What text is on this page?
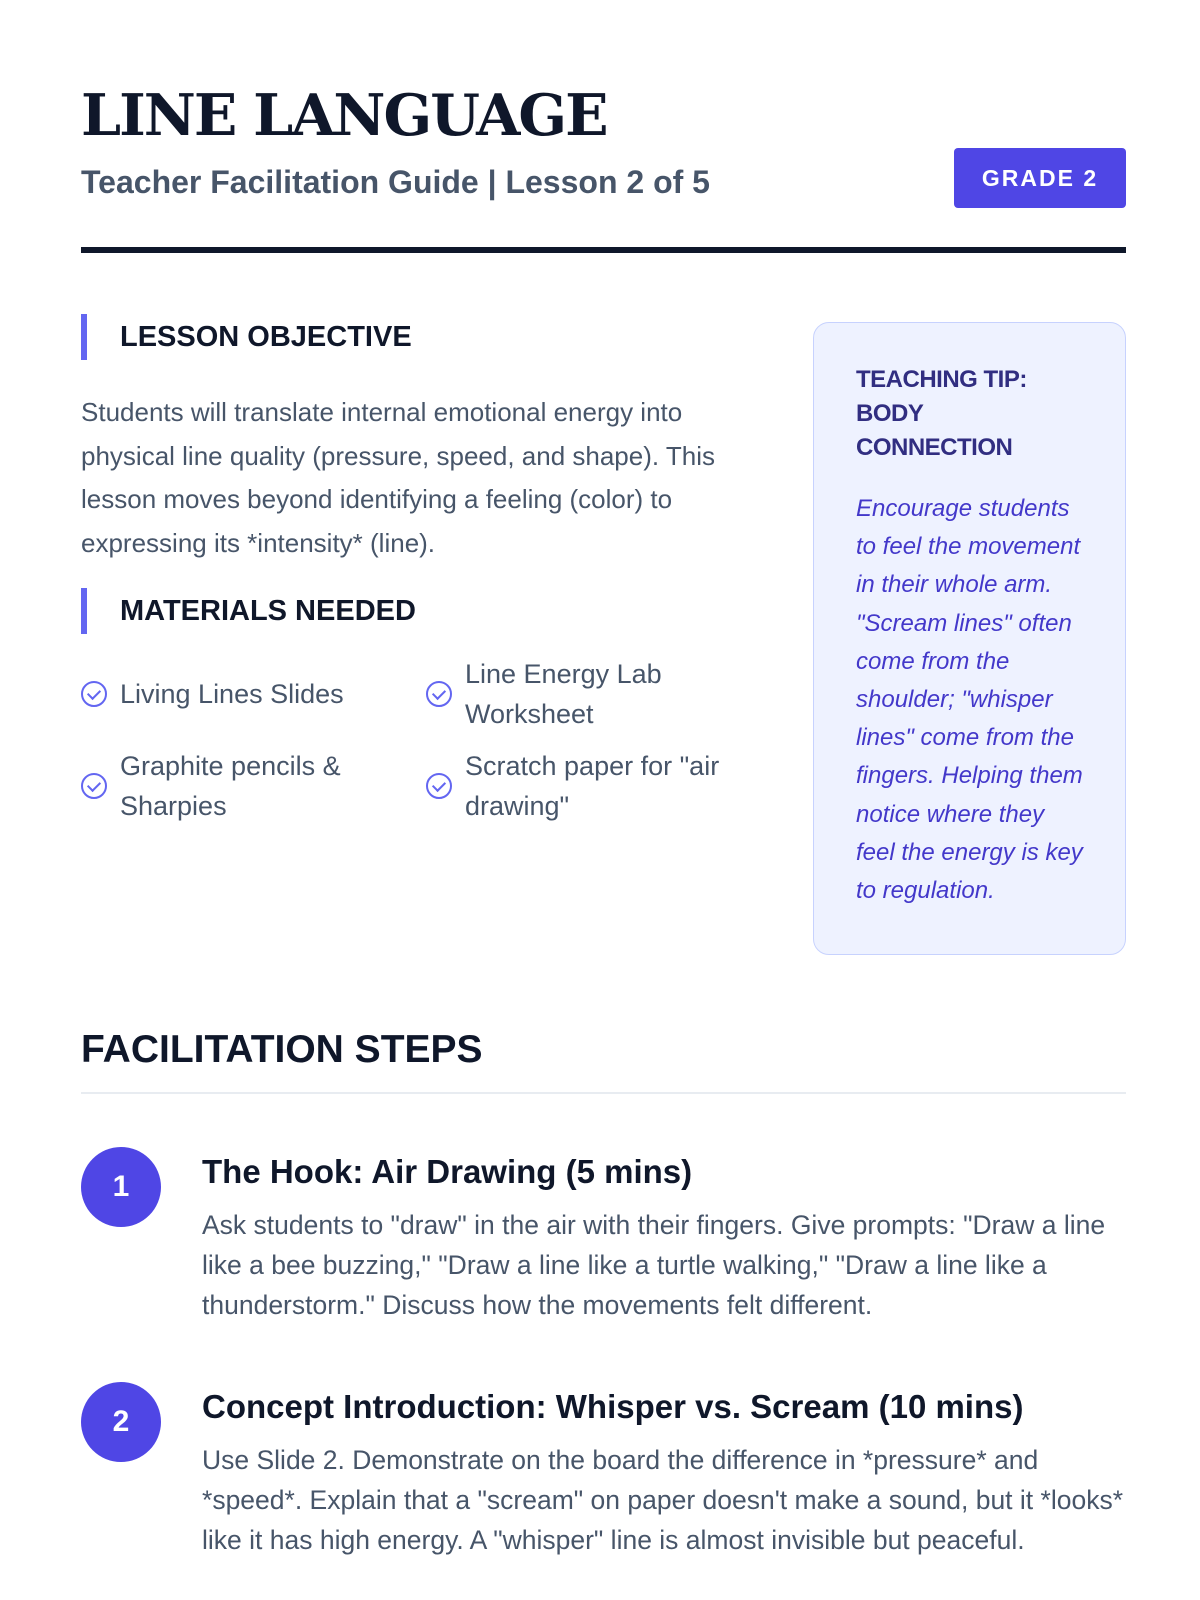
LINE LANGUAGE
Teacher Facilitation Guide | Lesson 2 of 5	GRADE 2
LESSON OBJECTIVE

Students will translate internal emotional energy into physical line quality (pressure, speed, and shape). This lesson moves beyond identifying a feeling (color) to expressing its *intensity* (line).

MATERIALS NEEDED
Living Lines Slides
Line Energy Lab Worksheet
Graphite pencils & Sharpies
Scratch paper for "air drawing"
TEACHING TIP: BODY CONNECTION

Encourage students to feel the movement in their whole arm. "Scream lines" often come from the shoulder; "whisper lines" come from the fingers. Helping them notice where they feel the energy is key to regulation.

FACILITATION STEPS
1	The Hook: Air Drawing (5 mins)

Ask students to "draw" in the air with their fingers. Give prompts: "Draw a line like a bee buzzing," "Draw a line like a turtle walking," "Draw a line like a thunderstorm." Discuss how the movements felt different.

2	Concept Introduction: Whisper vs. Scream (10 mins)

Use Slide 2. Demonstrate on the board the difference in *pressure* and *speed*. Explain that a "scream" on paper doesn't make a sound, but it *looks* like it has high energy. A "whisper" line is almost invisible but peaceful.
